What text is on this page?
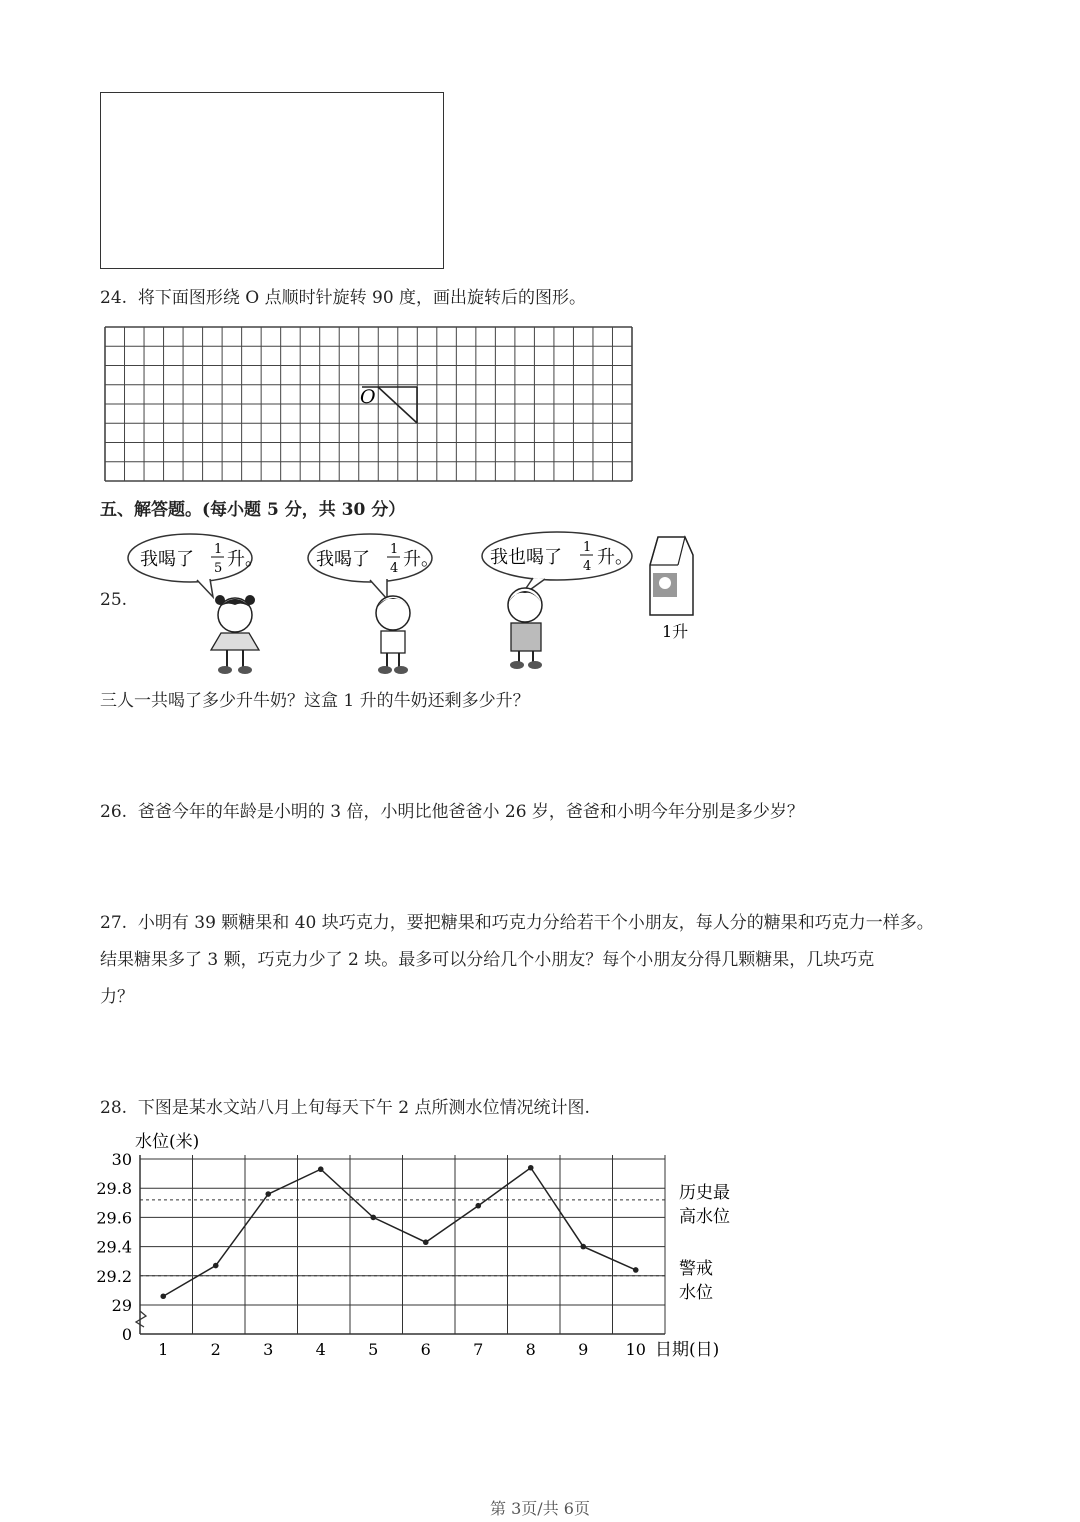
24. 将下面图形绕 O 点顺时针旋转 90 度，画出旋转后的图形。
O
五、解答题。(每小题 5 分，共 30 分）
25.
我喝了 1
5 升。	我喝了 1
4 升。	我也喝了 1
4 升。
1升
三人一共喝了多少升牛奶？这盒 1 升的牛奶还剩多少升？
26. 爸爸今年的年龄是小明的 3 倍，小明比他爸爸小 26 岁，爸爸和小明今年分别是多少岁？
27. 小明有 39 颗糖果和 40 块巧克力，要把糖果和巧克力分给若干个小朋友，每人分的糖果和巧克力一样多。
结果糖果多了 3 颗，巧克力少了 2 块。最多可以分给几个小朋友？每个小朋友分得几颗糖果，几块巧克
力？
28. 下图是某水文站八月上旬每天下午 2 点所测水位情况统计图.
水位(米)
30
29.8
29.6
29.4
29.2
29
0
1	2	3	4	5	6	7	8	9 10 日期(日)
历史最
高水位
警戒
水位
第 3页/共 6页
